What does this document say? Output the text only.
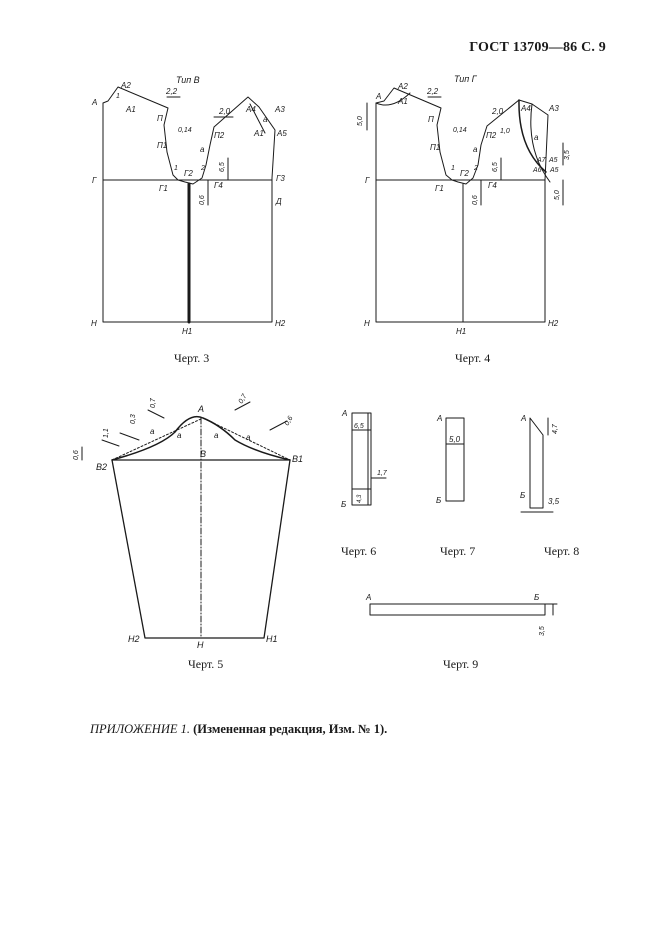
ГОСТ 13709—86 С. 9
Тип В
А
А2
А1
1
П
П1
П2
А4 А3
А5
А1
а
а
1	2
Г
Г1
Г2
Г3
Г4
Д
Н
Н1
Н2
2,2
2,0
0,14
6,5
0,6
Тип Г
А
А2
А1
П
П1
П2
А4 А3
А7 А5
А6 А5
а
а
1	2
Г
Г1
Г2
Г4
Н
Н1
Н2
2,2
5,0
2,0
1,0
0,14
3,5
5,0
6,5
0,6
А
В	В1
В2
Н
Н1
Н2
а	а	а	а
0,6
1,1
0,3
0,7	0,7
0,6
А
Б
6,5
1,7
4,3
А
Б
5,0
А
Б
4,7
3,5
А	Б
3,5
Черт. 3	Черт. 4
Черт. 5
Черт. 6	Черт. 7	Черт. 8
Черт. 9
ПРИЛОЖЕНИЕ 1. (Измененная редакция, Изм. № 1).
